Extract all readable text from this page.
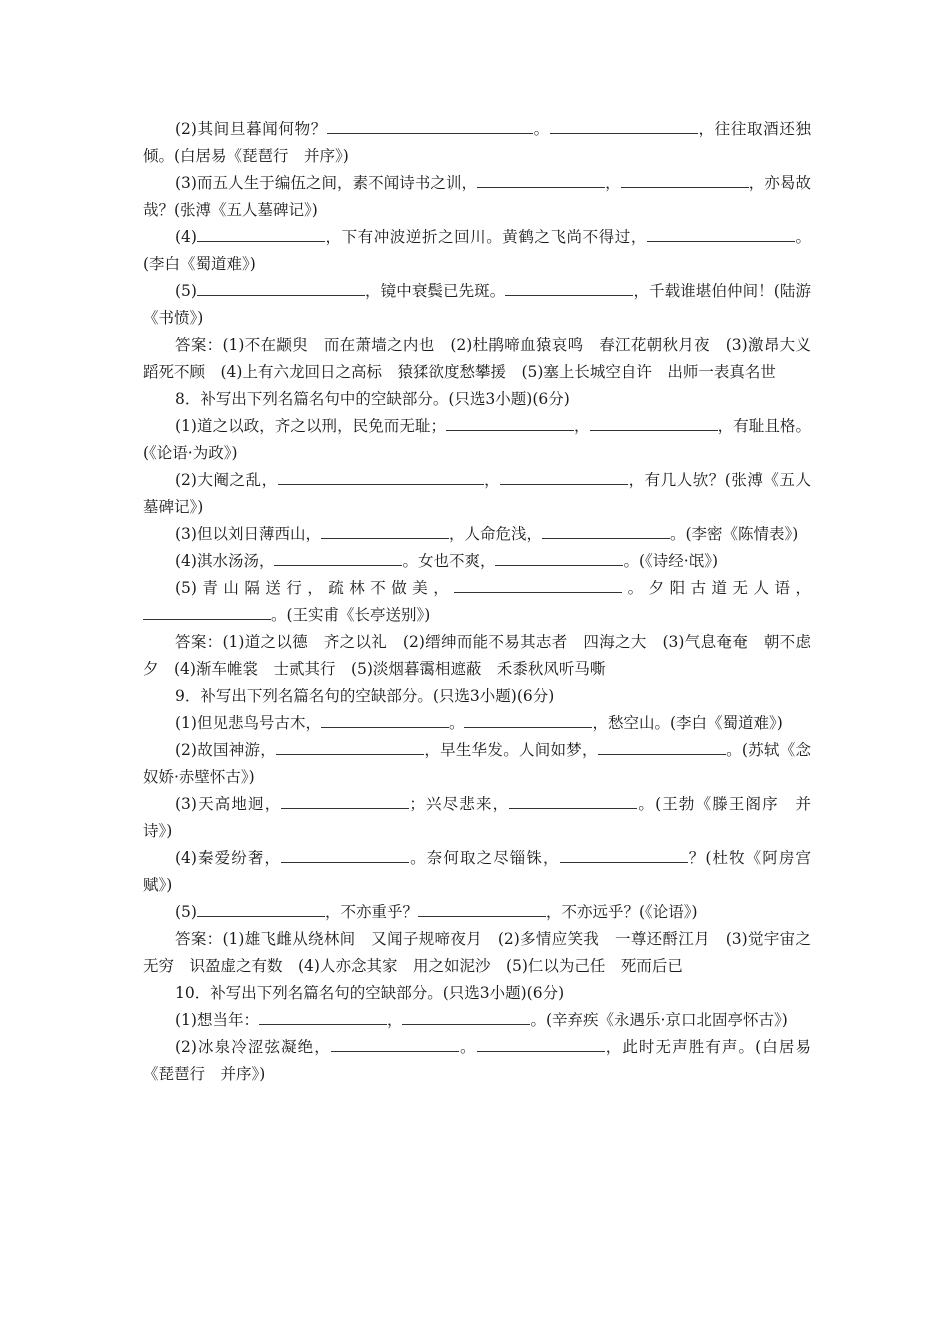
(2)其间旦暮闻何物？	。	，往往取酒还独倾。(白居易《琵琶行　并序》)

(3)而五人生于编伍之间，素不闻诗书之训，	，	，亦曷故哉？(张溥《五人墓碑记》)

(4)	，下有冲波逆折之回川。黄鹤之飞尚不得过，	。(李白《蜀道难》)

(5)	，镜中衰鬓已先斑。	，千载谁堪伯仲间！(陆游《书愤》)

答案：(1)不在颛臾　而在萧墙之内也　(2)杜鹃啼血猿哀鸣　春江花朝秋月夜　(3)激昂大义　蹈死不顾　(4)上有六龙回日之高标　猿猱欲度愁攀援　(5)塞上长城空自许　出师一表真名世

8．补写出下列名篇名句中的空缺部分。(只选3小题)(6分)

(1)道之以政，齐之以刑，民免而无耻；	，	，有耻且格。(《论语·为政》)

(2)大阉之乱，	，	，有几人欤？(张溥《五人墓碑记》)

(3)但以刘日薄西山，	，人命危浅，	。(李密《陈情表》)

(4)淇水汤汤，	。女也不爽，	。(《诗经·氓》)

(5)青山隔送行，疏林不做美，	。夕阳古道无人语，。(王实甫《长亭送别》)

答案：(1)道之以德　齐之以礼　(2)缙绅而能不易其志者　四海之大　(3)气息奄奄　朝不虑夕　(4)渐车帷裳　士贰其行　(5)淡烟暮霭相遮蔽　禾黍秋风听马嘶

9．补写出下列名篇名句的空缺部分。(只选3小题)(6分)

(1)但见悲鸟号古木，	。	，愁空山。(李白《蜀道难》)

(2)故国神游，	，早生华发。人间如梦，	。(苏轼《念奴娇·赤壁怀古》)

(3)天高地迥，	；兴尽悲来，	。(王勃《滕王阁序　并诗》)

(4)秦爱纷奢，	。奈何取之尽锱铢，	？(杜牧《阿房宫赋》)

(5)	，不亦重乎？	，不亦远乎？(《论语》)

答案：(1)雄飞雌从绕林间　又闻子规啼夜月　(2)多情应笑我　一尊还酹江月　(3)觉宇宙之无穷　识盈虚之有数　(4)人亦念其家　用之如泥沙　(5)仁以为己任　死而后已

10．补写出下列名篇名句的空缺部分。(只选3小题)(6分)

(1)想当年：	，	。(辛弃疾《永遇乐·京口北固亭怀古》)

(2)冰泉冷涩弦凝绝，	。	，此时无声胜有声。(白居易《琵琶行　并序》)
